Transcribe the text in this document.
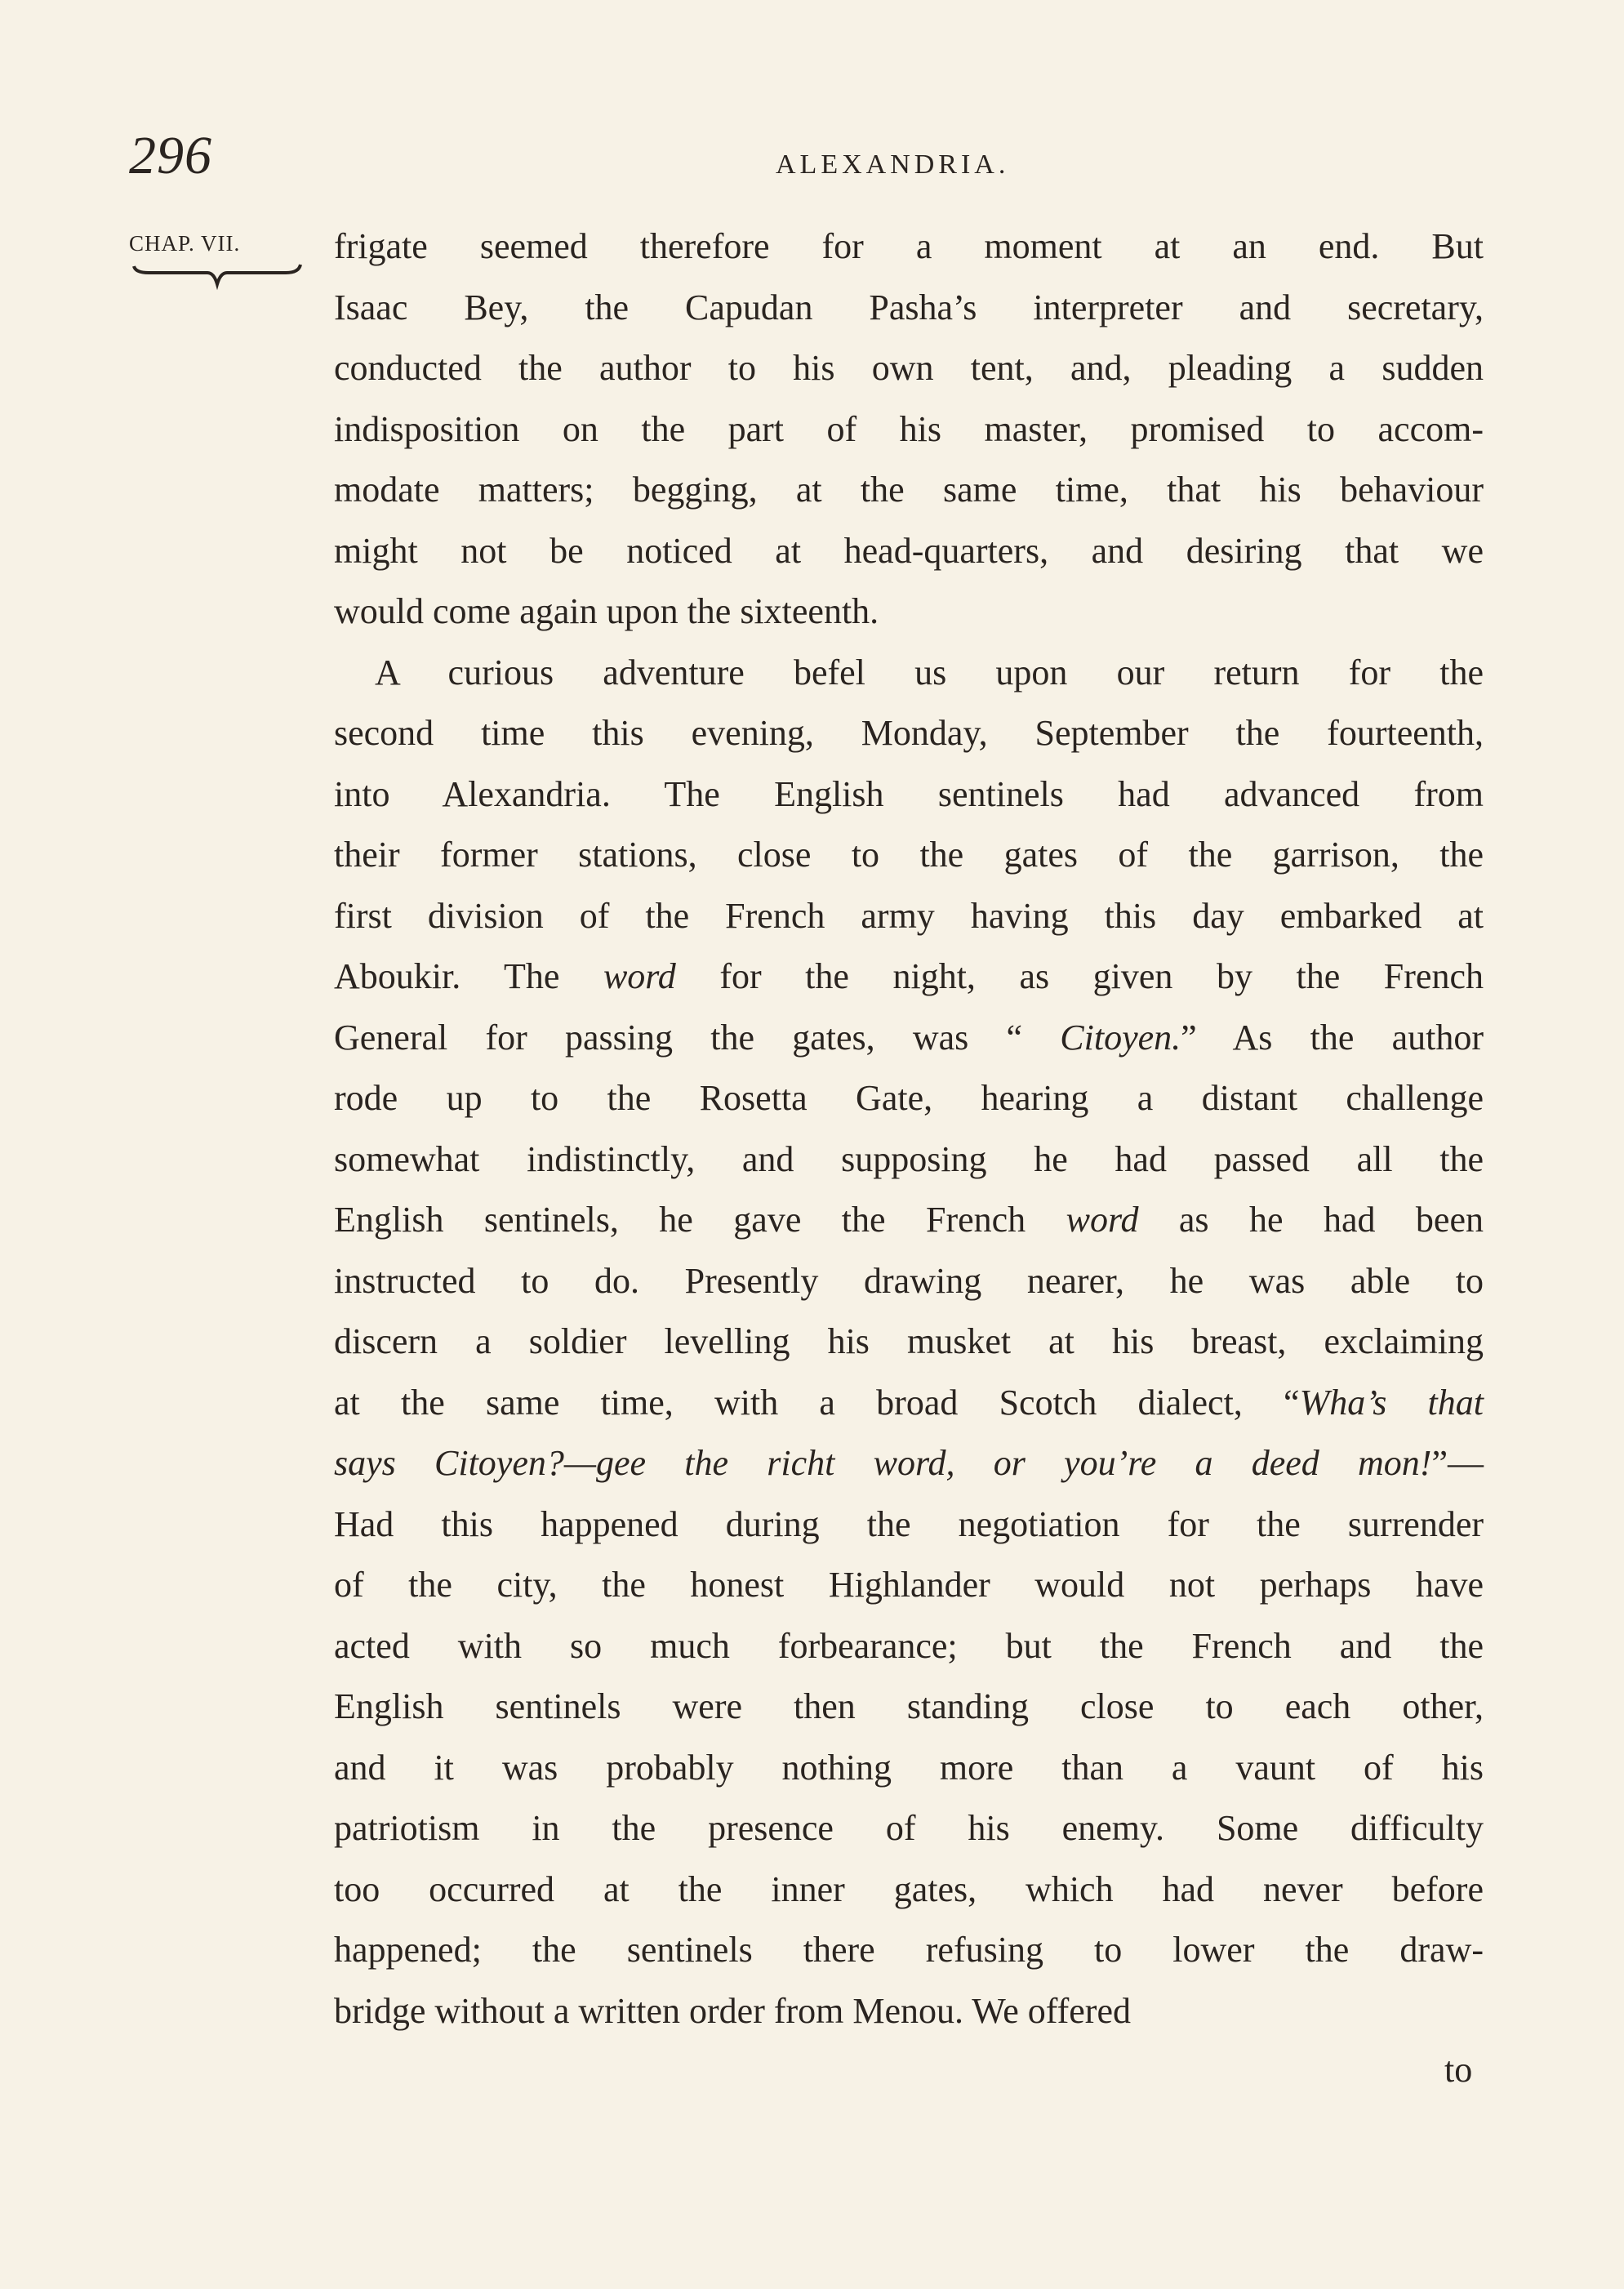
296	ALEXANDRIA.
CHAP. VII.	frigate seemed therefore for a moment at an end. But
Isaac Bey, the Capudan Pasha’s interpreter and secretary,
conducted the author to his own tent, and, pleading a sudden
indisposition on the part of his master, promised to accom-
modate matters; begging, at the same time, that his behaviour
might not be noticed at head-quarters, and desiring that we
would come again upon the sixteenth.
A curious adventure befel us upon our return for the
second time this evening, Monday, September the fourteenth,
into Alexandria. The English sentinels had advanced from
their former stations, close to the gates of the garrison, the
first division of the French army having this day embarked at
Aboukir. The word for the night, as given by the French
General for passing the gates, was “ Citoyen.” As the author
rode up to the Rosetta Gate, hearing a distant challenge
somewhat indistinctly, and supposing he had passed all the
English sentinels, he gave the French word as he had been
instructed to do. Presently drawing nearer, he was able to
discern a soldier levelling his musket at his breast, exclaiming
at the same time, with a broad Scotch dialect, “Wha’s that
says Citoyen?—gee the richt word, or you’re a deed mon!”—
Had this happened during the negotiation for the surrender
of the city, the honest Highlander would not perhaps have
acted with so much forbearance; but the French and the
English sentinels were then standing close to each other,
and it was probably nothing more than a vaunt of his
patriotism in the presence of his enemy. Some difficulty
too occurred at the inner gates, which had never before
happened; the sentinels there refusing to lower the draw-
bridge without a written order from Menou. We offered
to
